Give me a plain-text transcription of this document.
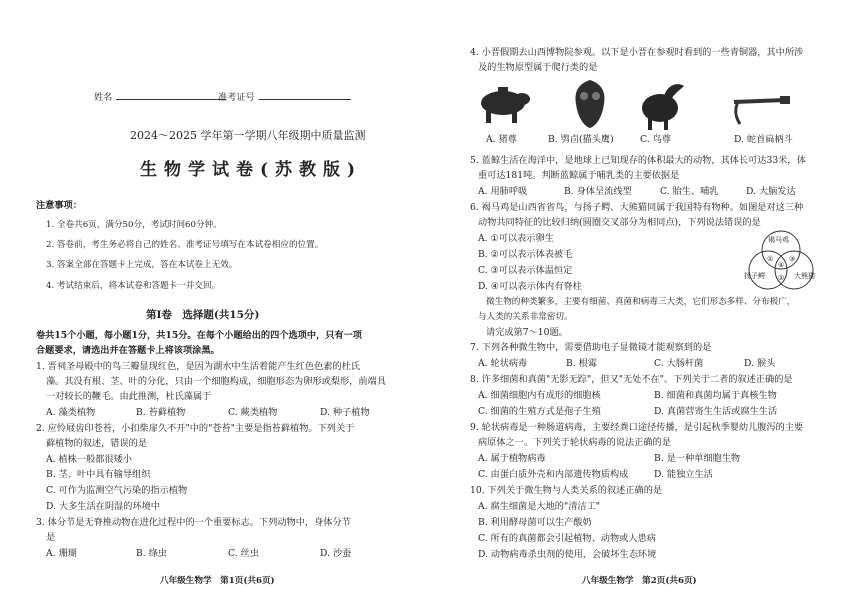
姓名	准考证号
2024～2025 学年第一学期八年级期中质量监测
生物学试卷(苏教版)
注意事项：
1. 全卷共6页，满分50分，考试时间60分钟。
2. 答卷前，考生务必将自己的姓名、准考证号填写在本试卷相应的位置。
3. 答案全部在答题卡上完成，答在本试卷上无效。
4. 考试结束后，将本试卷和答题卡一并交回。
第Ⅰ卷　选择题(共15分)
卷共15个小题，每小题1分，共15分。在每个小题给出的四个选项中，只有一项
合题要求，请选出并在答题卡上将该项涂黑。
1. 晋祠圣母殿中的鸟三瓣显现红色，是因为湖水中生活着能产生红色色素的杜氏
藻。其没有根、茎、叶的分化，只由一个细胞构成，细胞形态为卵形或梨形，前端具
一对较长的鞭毛。由此推测，杜氏藻属于
A. 藻类植物	B. 苔藓植物	C. 蕨类植物	D. 种子植物
2. 应怜屐齿印苍苔，小扣柴扉久不开"中的"苍苔"主要是指苔藓植物。下列关于
藓植物的叙述，错误的是
A. 植株一般都很矮小
B. 茎、叶中具有输导组织
C. 可作为监测空气污染的指示植物
D. 大多生活在阴湿的环境中
3. 体分节是无脊椎动物在进化过程中的一个重要标志。下列动物中，身体分节
是
A. 珊瑚	B. 绦虫	C. 丝虫	D. 沙蚕
八年级生物学　第1页(共6页)
4. 小晋假期去山西博物院参观。以下是小晋在参观时看到的一些青铜器，其中所涉
及的生物原型属于爬行类的是
A. 猪尊	B. 鸮卣(猫头鹰)	C. 鸟尊	D. 蛇首扁柄斗
5. 蓝鲸生活在海洋中，是地球上已知现存的体积最大的动物，其体长可达33米，体
重可达181吨。判断蓝鲸属于哺乳类的主要依据是
A. 用肺呼吸	B. 身体呈流线型	C. 胎生、哺乳	D. 大脑发达
6. 褐马鸡是山西省省鸟，与扬子鳄、大熊猫同属于我国特有物种。如图是对这三种
动物共同特征的比较归纳(圆圈交叉部分为相同点)，下列说法错误的是
A. ①可以表示卵生
B. ②可以表示体表被毛
C. ③可以表示体温恒定
D. ④可以表示体内有脊柱
褐马鸡
扬子鳄	大熊猫
① ③
④
②
微生物的种类繁多，主要有细菌、真菌和病毒三大类，它们形态多样、分布极广，
与人类的关系非常密切。
请完成第7～10题。
7. 下列各种微生物中，需要借助电子显微镜才能观察到的是
A. 轮状病毒	B. 根霉	C. 大肠杆菌	D. 猴头
8. 许多细菌和真菌"无影无踪"，但又"无处不在"。下列关于二者的叙述正确的是
A. 细菌细胞内有成形的细胞核	B. 细菌和真菌均属于真核生物
C. 细菌的生殖方式是孢子生殖	D. 真菌营寄生生活或腐生生活
9. 轮状病毒是一种肠道病毒，主要经粪口途径传播，是引起秋季婴幼儿腹泻的主要
病原体之一。下列关于轮状病毒的说法正确的是
A. 属于植物病毒	B. 是一种单细胞生物
C. 由蛋白质外壳和内部遗传物质构成	D. 能独立生活
10. 下列关于微生物与人类关系的叙述正确的是
A. 腐生细菌是大地的"清洁工"
B. 利用酵母菌可以生产酸奶
C. 所有的真菌都会引起植物、动物或人患病
D. 动物病毒杀虫剂的使用，会破坏生态环境
八年级生物学　第2页(共6页)
